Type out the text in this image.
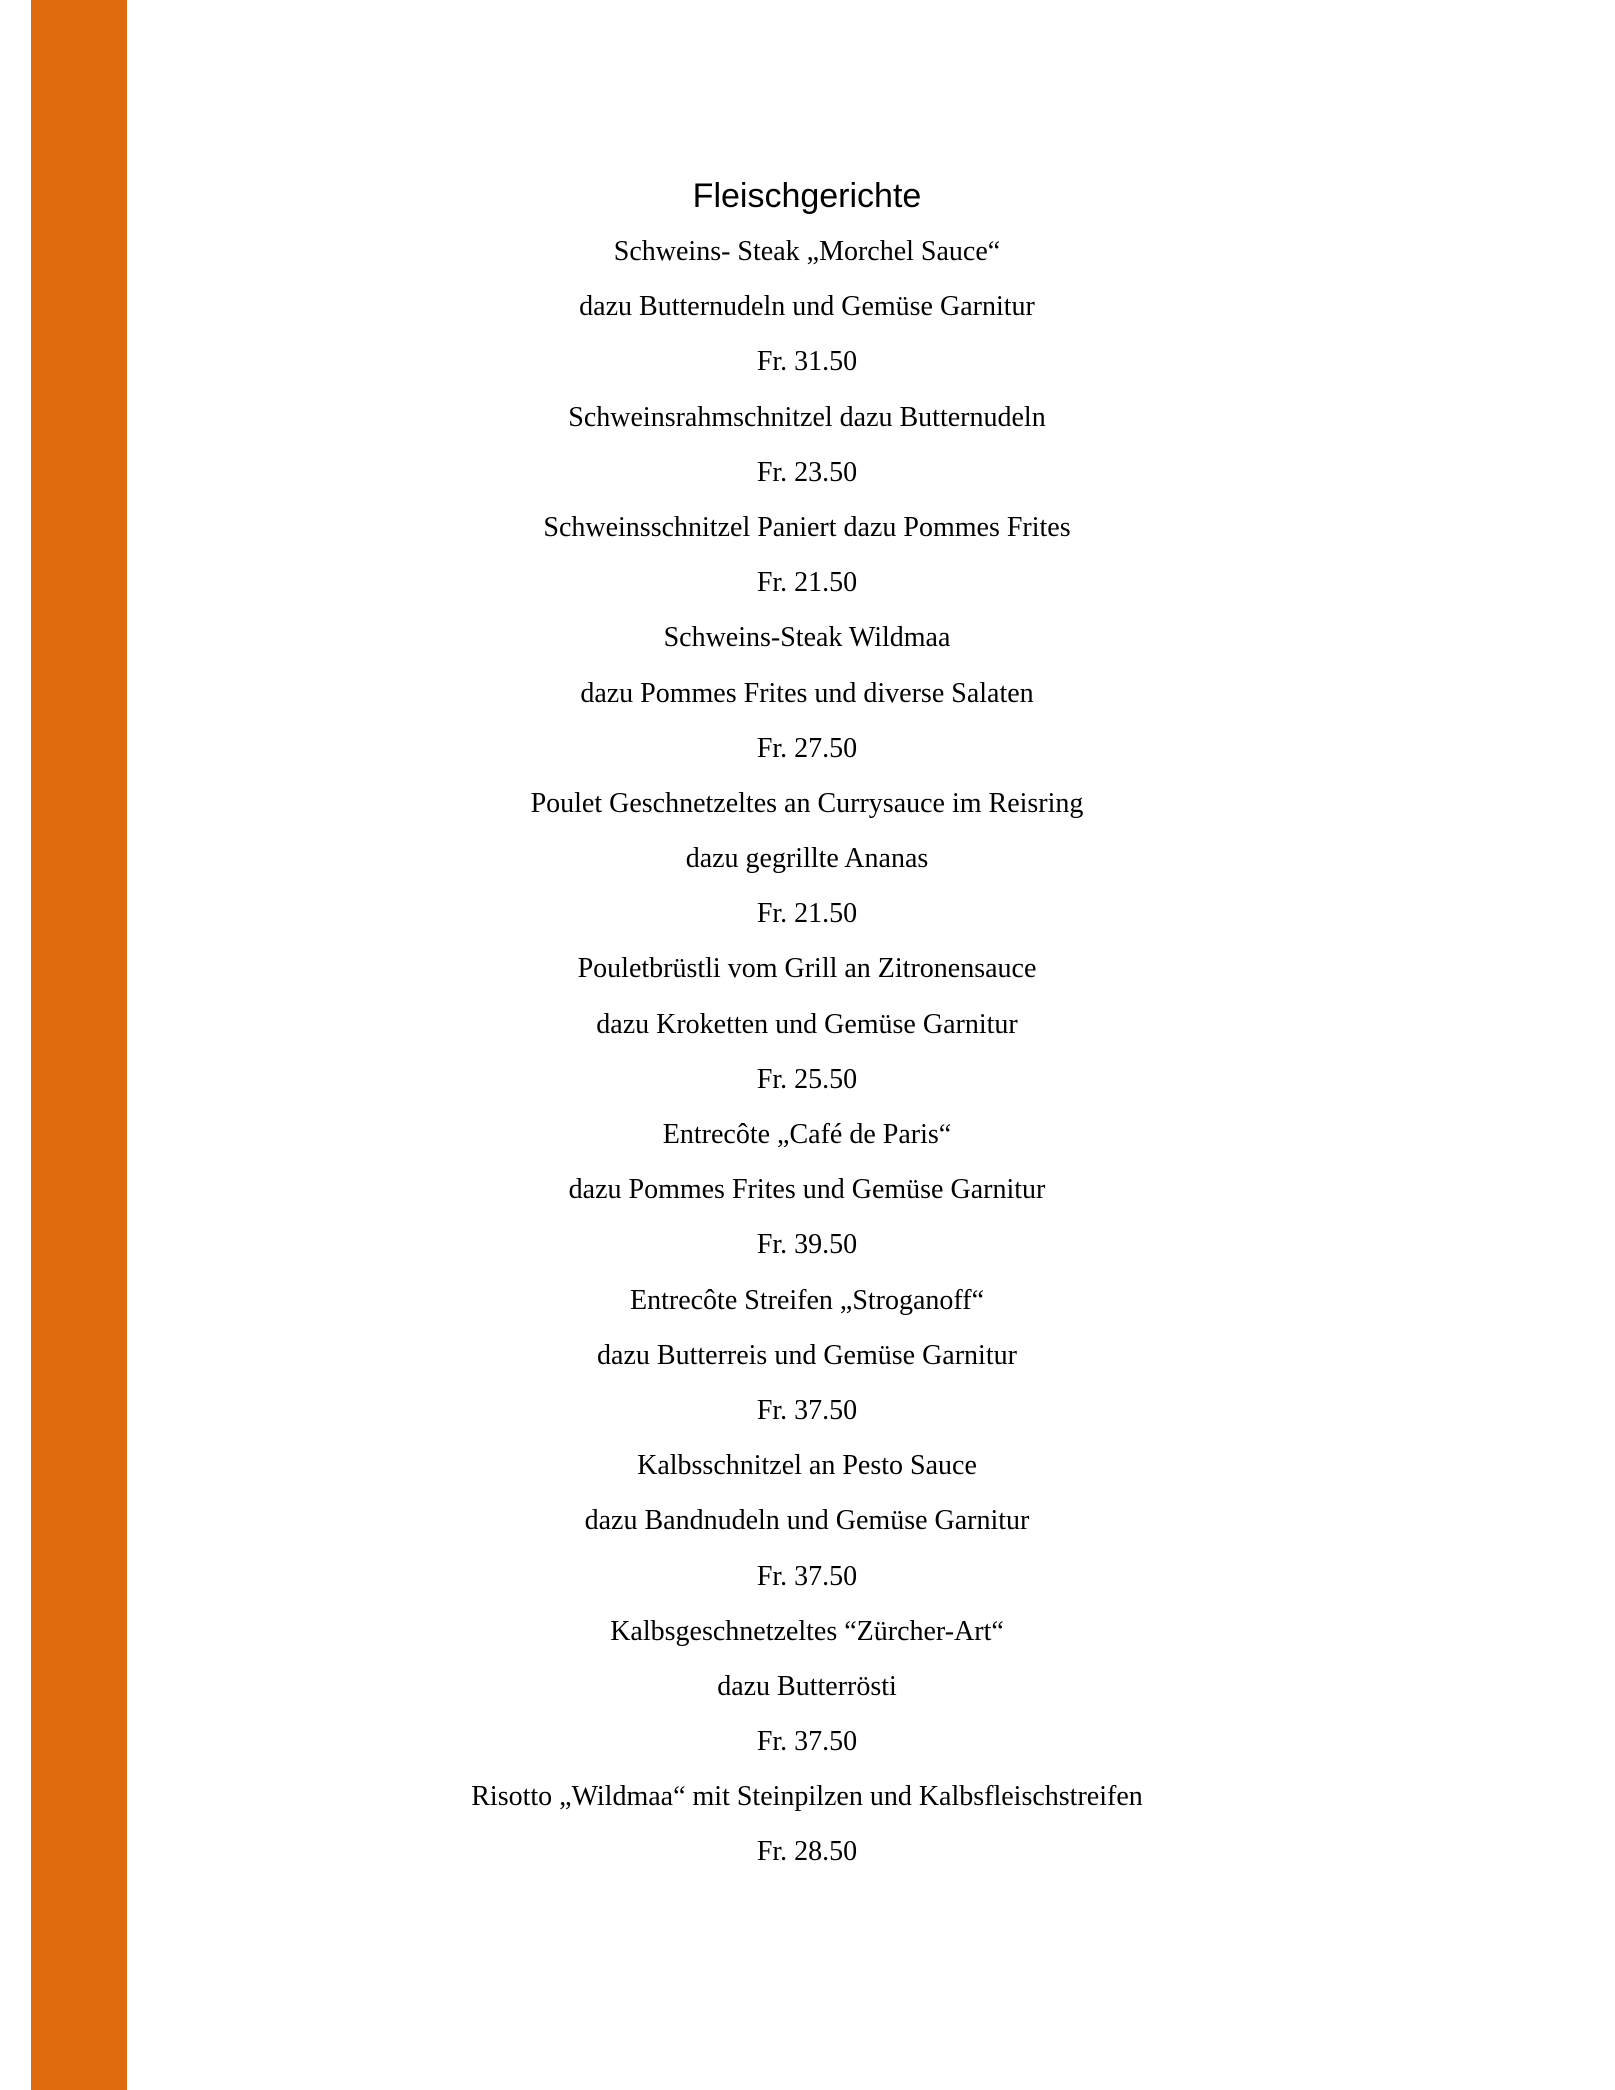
Fleischgerichte
Schweins- Steak „Morchel Sauce“
dazu Butternudeln und Gemüse Garnitur
Fr. 31.50
Schweinsrahmschnitzel dazu Butternudeln
Fr. 23.50
Schweinsschnitzel Paniert dazu Pommes Frites
Fr. 21.50
Schweins-Steak Wildmaa
dazu Pommes Frites und diverse Salaten
Fr. 27.50
Poulet Geschnetzeltes an Currysauce im Reisring
dazu gegrillte Ananas
Fr. 21.50
Pouletbrüstli vom Grill an Zitronensauce
dazu Kroketten und Gemüse Garnitur
Fr. 25.50
Entrecôte „Café de Paris“
dazu Pommes Frites und Gemüse Garnitur
Fr. 39.50
Entrecôte Streifen „Stroganoff“
dazu Butterreis und Gemüse Garnitur
Fr. 37.50
Kalbsschnitzel an Pesto Sauce
dazu Bandnudeln und Gemüse Garnitur
Fr. 37.50
Kalbsgeschnetzeltes “Zürcher-Art“
dazu Butterrösti
Fr. 37.50
Risotto „Wildmaa“ mit Steinpilzen und Kalbsfleischstreifen
Fr. 28.50
